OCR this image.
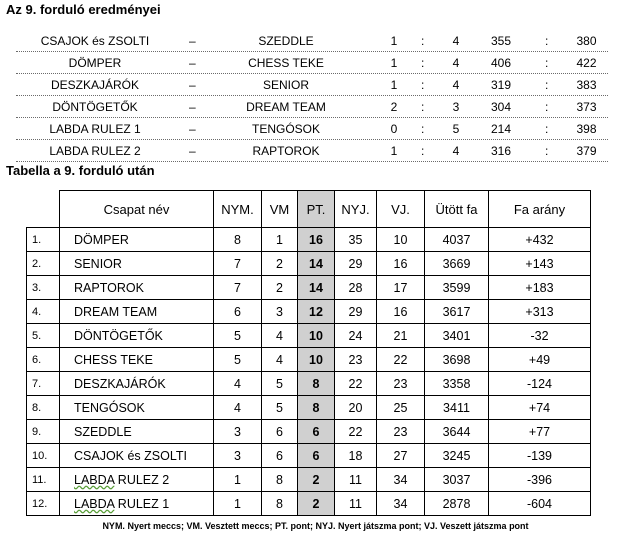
Az 9. forduló eredményei
CSAJOK és ZSOLTI	–	SZEDDLE	1	:	4	355	:	380
DÖMPER	–	CHESS TEKE	1	:	4	406	:	422
DESZKAJÁRÓK	–	SENIOR	1	:	4	319	:	383
DÖNTÖGETŐK	–	DREAM TEAM	2	:	3	304	:	373
LABDA RULEZ 1	–	TENGÓSOK	0	:	5	214	:	398
LABDA RULEZ 2	–	RAPTOROK	1	:	4	316	:	379
Tabella a 9. forduló után
	Csapat név	NYM.	VM	PT.	NYJ.	VJ.	Ütött fa	Fa arány
1.	DÖMPER	8	1	16	35	10	4037	+432
2.	SENIOR	7	2	14	29	16	3669	+143
3.	RAPTOROK	7	2	14	28	17	3599	+183
4.	DREAM TEAM	6	3	12	29	16	3617	+313
5.	DÖNTÖGETŐK	5	4	10	24	21	3401	-32
6.	CHESS TEKE	5	4	10	23	22	3698	+49
7.	DESZKAJÁRÓK	4	5	8	22	23	3358	-124
8.	TENGÓSOK	4	5	8	20	25	3411	+74
9.	SZEDDLE	3	6	6	22	23	3644	+77
10.	CSAJOK és ZSOLTI	3	6	6	18	27	3245	-139
11.	LABDA RULEZ 2	1	8	2	11	34	3037	-396
12.	LABDA RULEZ 1	1	8	2	11	34	2878	-604
NYM. Nyert meccs; VM. Vesztett meccs; PT. pont; NYJ. Nyert játszma pont; VJ. Veszett játszma pont
